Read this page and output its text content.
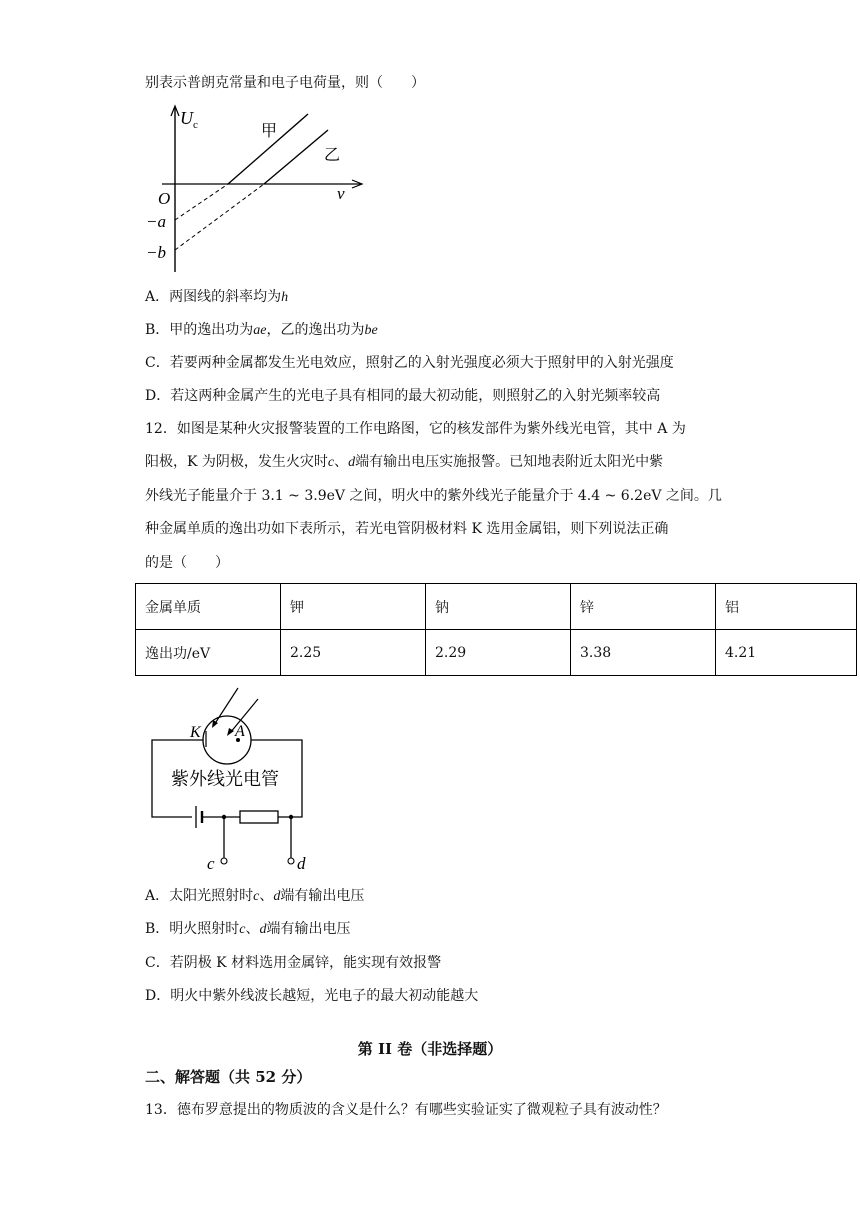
别表示普朗克常量和电子电荷量，则（　　）
U c
v
O
−a
−b
甲
乙
A．两图线的斜率均为h
B．甲的逸出功为ae，乙的逸出功为be
C．若要两种金属都发生光电效应，照射乙的入射光强度必须大于照射甲的入射光强度
D．若这两种金属产生的光电子具有相同的最大初动能，则照射乙的入射光频率较高
12．如图是某种火灾报警装置的工作电路图，它的核发部件为紫外线光电管，其中 A 为
阳极，K 为阴极，发生火灾时c、d端有输出电压实施报警。已知地表附近太阳光中紫
外线光子能量介于 3.1 ~ 3.9eV 之间，明火中的紫外线光子能量介于 4.4 ~ 6.2eV 之间。几
种金属单质的逸出功如下表所示，若光电管阴极材料 K 选用金属铝，则下列说法正确
的是（　　）
金属单质	钾	钠	锌	铝
逸出功/eV	2.25	2.29	3.38	4.21
K A
紫外线光电管
c	d
A．太阳光照射时c、d端有输出电压
B．明火照射时c、d端有输出电压
C．若阴极 K 材料选用金属锌，能实现有效报警
D．明火中紫外线波长越短，光电子的最大初动能越大
第 II 卷（非选择题）
二、解答题（共 52 分）
13．德布罗意提出的物质波的含义是什么？有哪些实验证实了微观粒子具有波动性？
